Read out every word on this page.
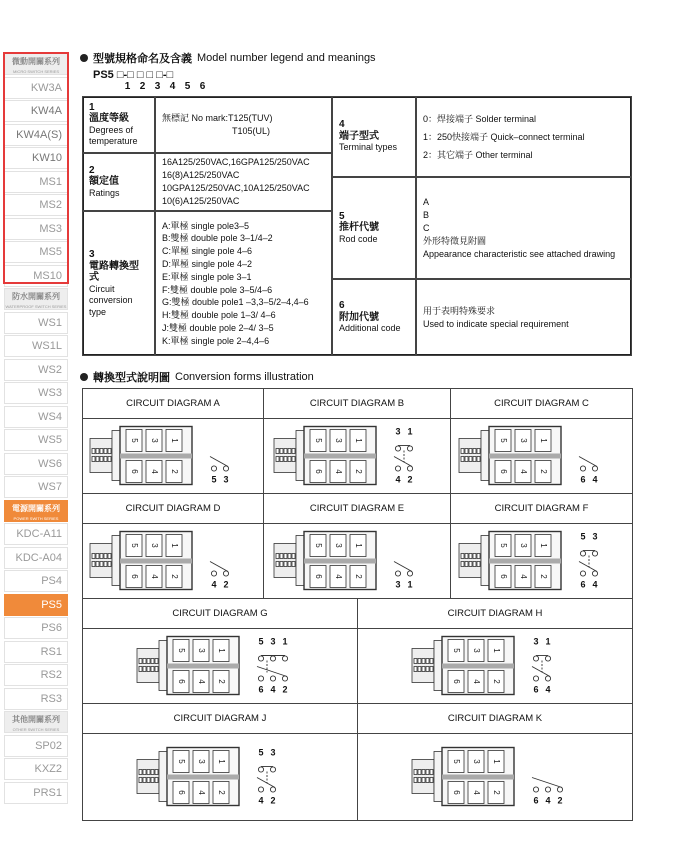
微動開關系列
MICRO SWITCH SERIES
KW3A
KW4A
KW4A(S)
KW10
MS1
MS2
MS3
MS5
MS10
防水開關系列
WATERPROOF SWITCH SERIES
WS1
WS1L
WS2
WS3
WS4
WS5
WS6
WS7
電源開關系列
POWER SWITH SERIES
KDC-A11
KDC-A04
PS4
PS5
PS6
RS1
RS2
RS3
其他開關系列
OTHER SWITCH SERIES
SP02
KXZ2
PRS1
型號規格命名及含義 Model number legend and meanings
PS5 □-□ □ □ □-□
1 2 3 4 5 6
1
溫度等級
Degrees of temperature
無標記 No mark:T125(TUV)
T105(UL)
2
額定值
Ratings
16A125/250VAC,16GPA125/250VAC
16(8)A125/250VAC
10GPA125/250VAC,10A125/250VAC
10(6)A125/250VAC
3
電路轉換型式
Circuit conversion type
A:單極 single pole3–5
B:雙極 double pole 3–1/4–2
C:單極 single pole 4–6
D:單極 single pole 4–2
E:單極 single pole 3–1
F:雙極 double pole 3–5/4–6
G:雙極 double pole1 –3,3–5/2–4,4–6
H:雙極 double pole 1–3/ 4–6
J:雙極 double pole 2–4/ 3–5
K:單極 single pole 2–4,4–6
4
端子型式
Terminal types
0：焊接端子 Solder terminal
1：250快接端子 Quick–connect terminal
2：其它端子 Other terminal
5
推杆代號
Rod code
A
B
C
外形特徵見附圖
Appearance characteristic see attached drawing
6
附加代號
Additional code
用于表明特殊要求
Used to indicate special requirement
轉換型式說明圖 Conversion forms illustration
CIRCUIT DIAGRAM A
5 3 1
6 4 2
5 3
CIRCUIT DIAGRAM B
5 3 1
6 4 2
3 1
4 2
CIRCUIT DIAGRAM C
5 3 1
6 4 2
6 4
CIRCUIT DIAGRAM D
5 3 1
6 4 2
4 2
CIRCUIT DIAGRAM E
5 3 1
6 4 2
3 1
CIRCUIT DIAGRAM F
5 3 1
6 4 2
5 3
6 4
CIRCUIT DIAGRAM G
5 3 1
6 4 2
5 3 1
6 4 2
CIRCUIT DIAGRAM H
5 3 1
6 4 2
3 1
6 4
CIRCUIT DIAGRAM J
5 3 1
6 4 2
5 3
4 2
CIRCUIT DIAGRAM K
5 3 1
6 4 2
6 4 2
